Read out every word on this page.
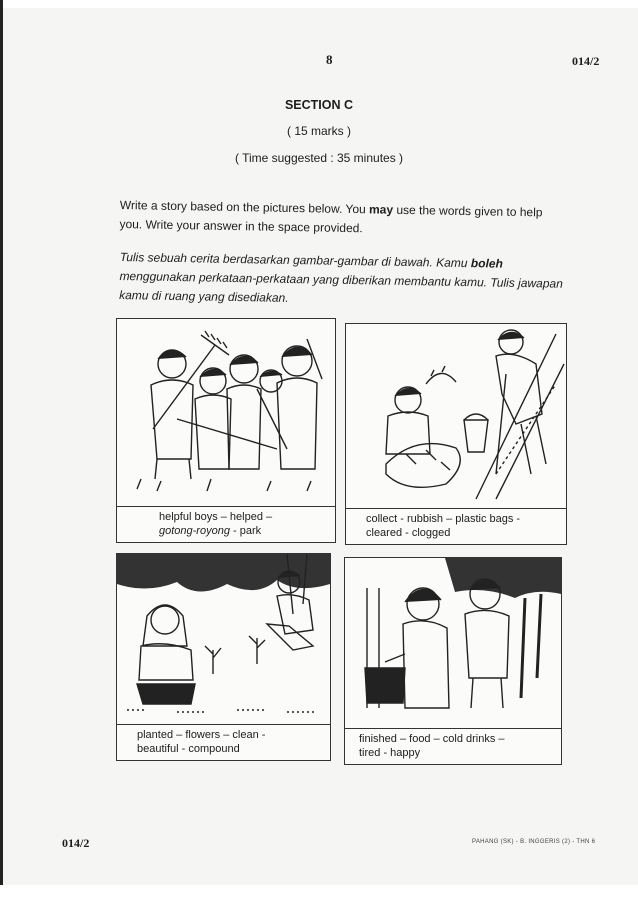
8	014/2
SECTION C
( 15 marks )
( Time suggested : 35 minutes )
Write a story based on the pictures below. You may use the words given to help you. Write your answer in the space provided.
Tulis sebuah cerita berdasarkan gambar-gambar di bawah. Kamu boleh menggunakan perkataan-perkataan yang diberikan membantu kamu. Tulis jawapan kamu di ruang yang disediakan.
helpful boys – helped –
gotong-royong - park
collect - rubbish – plastic bags -
cleared - clogged
planted – flowers – clean -
beautiful - compound
finished – food – cold drinks –
tired - happy
014/2	PAHANG (SK) - B. INGGERIS (2) - THN 6
